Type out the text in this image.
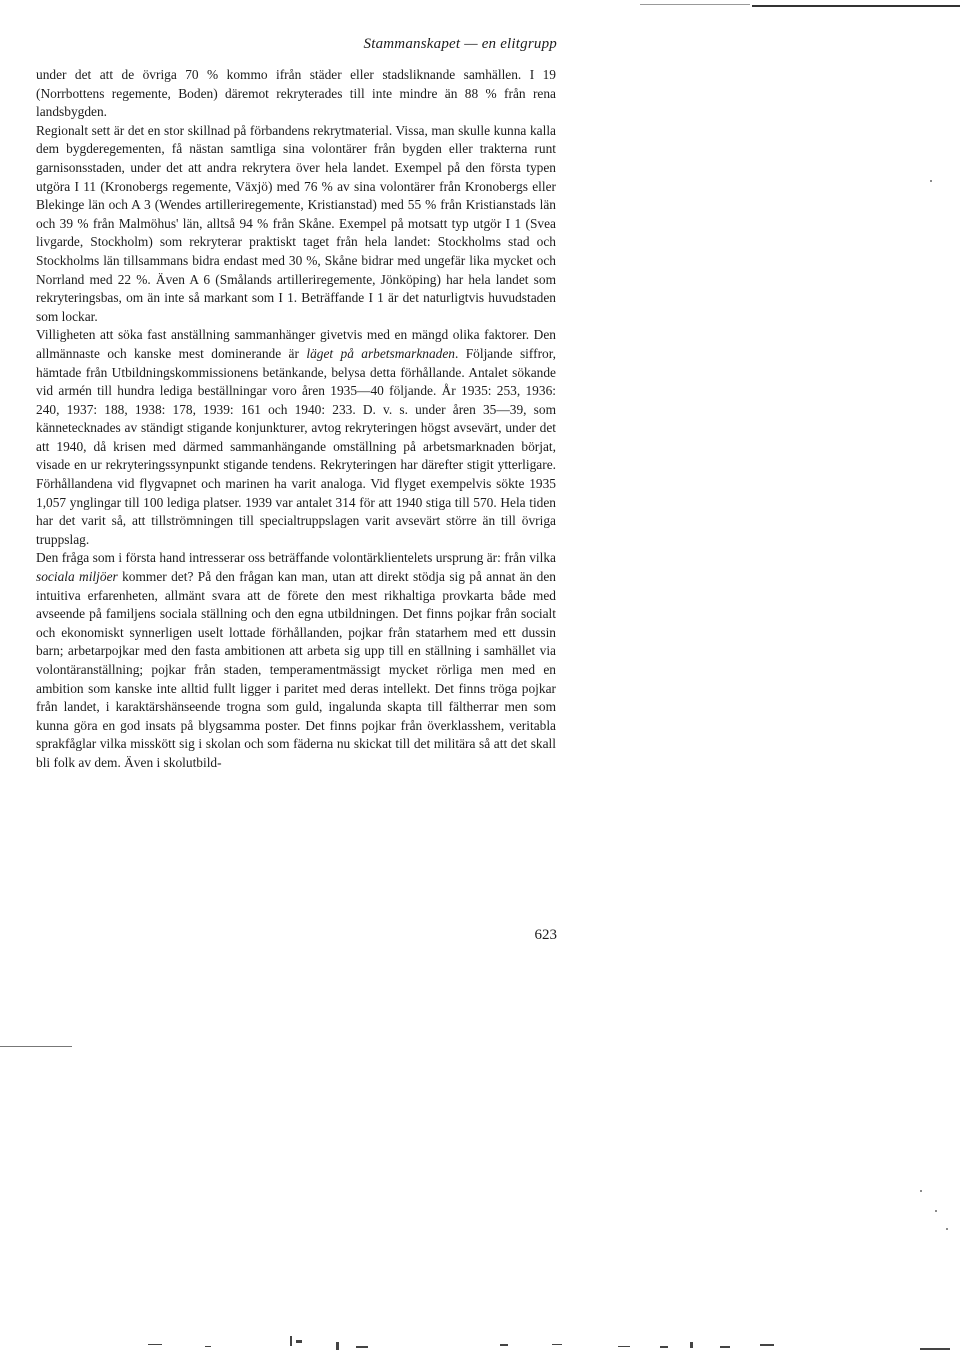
Stammanskapet — en elitgrupp

under det att de övriga 70 % kommo ifrån städer eller stadsliknande samhällen. I 19 (Norrbottens regemente, Boden) däremot rekryterades till inte mindre än 88 % från rena landsbygden.

Regionalt sett är det en stor skillnad på förbandens rekrytmaterial. Vissa, man skulle kunna kalla dem bygderegementen, få nästan samtliga sina volontärer från bygden eller trakterna runt garnisonsstaden, under det att andra rekrytera över hela landet. Exempel på den första typen utgöra I 11 (Kronobergs regemente, Växjö) med 76 % av sina volontärer från Kronobergs eller Blekinge län och A 3 (Wendes artilleriregemente, Kristianstad) med 55 % från Kristianstads län och 39 % från Malmöhus' län, alltså 94 % från Skåne. Exempel på motsatt typ utgör I 1 (Svea livgarde, Stockholm) som rekryterar praktiskt taget från hela landet: Stockholms stad och Stockholms län tillsammans bidra endast med 30 %, Skåne bidrar med ungefär lika mycket och Norrland med 22 %. Även A 6 (Smålands artilleriregemente, Jönköping) har hela landet som rekryteringsbas, om än inte så markant som I 1. Beträffande I 1 är det naturligtvis huvudstaden som lockar.

Villigheten att söka fast anställning sammanhänger givetvis med en mängd olika faktorer. Den allmännaste och kanske mest dominerande är läget på arbetsmarknaden. Följande siffror, hämtade från Utbildningskommissionens betänkande, belysa detta förhållande. Antalet sökande vid armén till hundra lediga beställningar voro åren 1935—40 följande. År 1935: 253, 1936: 240, 1937: 188, 1938: 178, 1939: 161 och 1940: 233. D. v. s. under åren 35—39, som kännetecknades av ständigt stigande konjunkturer, avtog rekryteringen högst avsevärt, under det att 1940, då krisen med därmed sammanhängande omställning på arbetsmarknaden börjat, visade en ur rekryteringssynpunkt stigande tendens. Rekryteringen har därefter stigit ytterligare. Förhållandena vid flygvapnet och marinen ha varit analoga. Vid flyget exempelvis sökte 1935 1,057 ynglingar till 100 lediga platser. 1939 var antalet 314 för att 1940 stiga till 570. Hela tiden har det varit så, att tillströmningen till specialtruppslagen varit avsevärt större än till övriga truppslag.

Den fråga som i första hand intresserar oss beträffande volontärklientelets ursprung är: från vilka sociala miljöer kommer det? På den frågan kan man, utan att direkt stödja sig på annat än den intuitiva erfarenheten, allmänt svara att de förete den mest rikhaltiga provkarta både med avseende på familjens sociala ställning och den egna utbildningen. Det finns pojkar från socialt och ekonomiskt synnerligen uselt lottade förhållanden, pojkar från statarhem med ett dussin barn; arbetarpojkar med den fasta ambitionen att arbeta sig upp till en ställning i samhället via volontäranställning; pojkar från staden, temperamentmässigt mycket rörliga men med en ambition som kanske inte alltid fullt ligger i paritet med deras intellekt. Det finns tröga pojkar från landet, i karaktärshänseende trogna som guld, ingalunda skapta till fältherrar men som kunna göra en god insats på blygsamma poster. Det finns pojkar från överklasshem, veritabla sprakfåglar vilka misskött sig i skolan och som fäderna nu skickat till det militära så att det skall bli folk av dem. Även i skolutbild-

623
